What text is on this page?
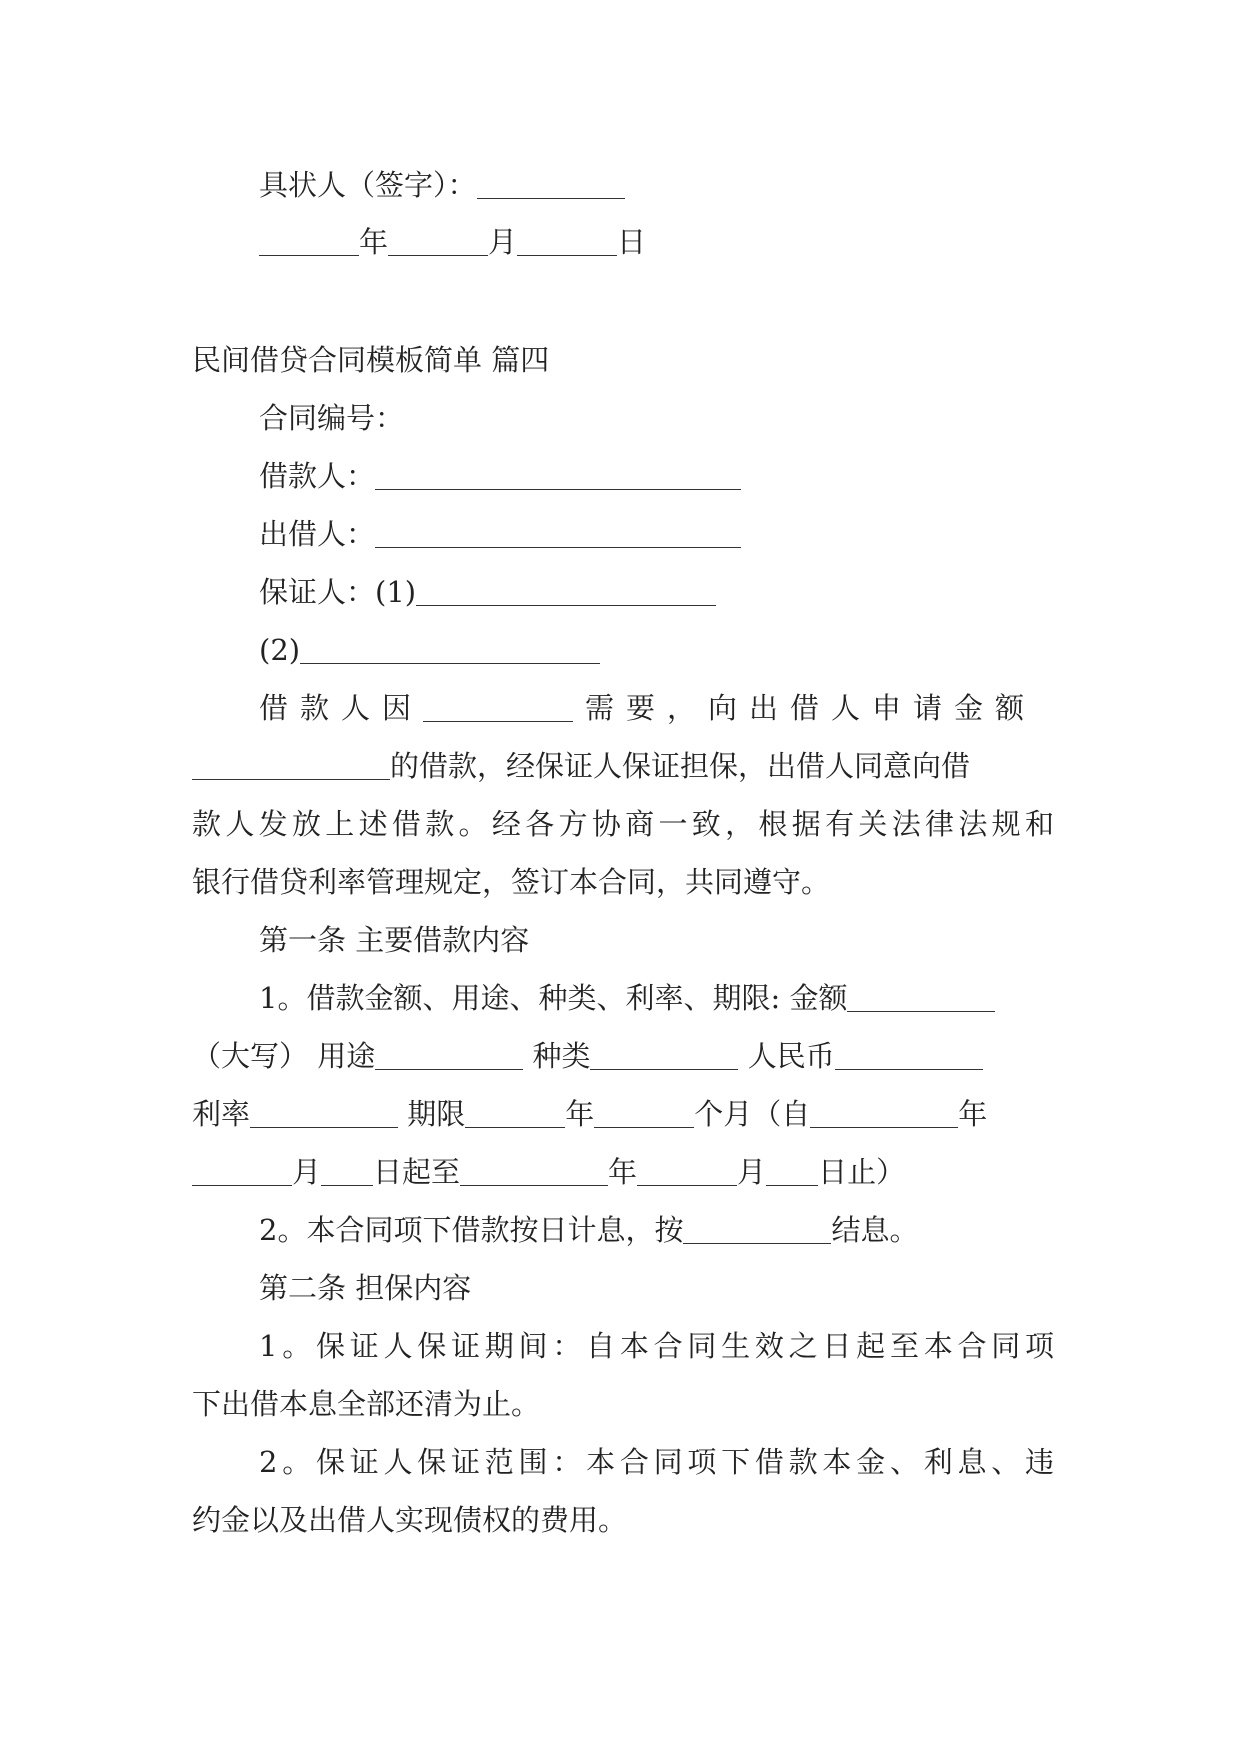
具状人（签字）：
年	月	日
民间借贷合同模板简单 篇四
合同编号：
借款人：
出借人：
保证人：(1)
(2)
借款人因	需要，向出借人申请金额
的借款，经保证人保证担保，出借人同意向借
款人发放上述借款。经各方协商一致，根据有关法律法规和
银行借贷利率管理规定，签订本合同，共同遵守。
第一条 主要借款内容
1。借款金额、用途、种类、利率、期限: 金额
（大写） 用途	种类	人民币
利率	期限	年	个月（自	年
月 日起至	年	月 日止）
2。本合同项下借款按日计息，按	结息。
第二条 担保内容
1。保证人保证期间：自本合同生效之日起至本合同项
下出借本息全部还清为止。
2。保证人保证范围：本合同项下借款本金、利息、违
约金以及出借人实现债权的费用。
